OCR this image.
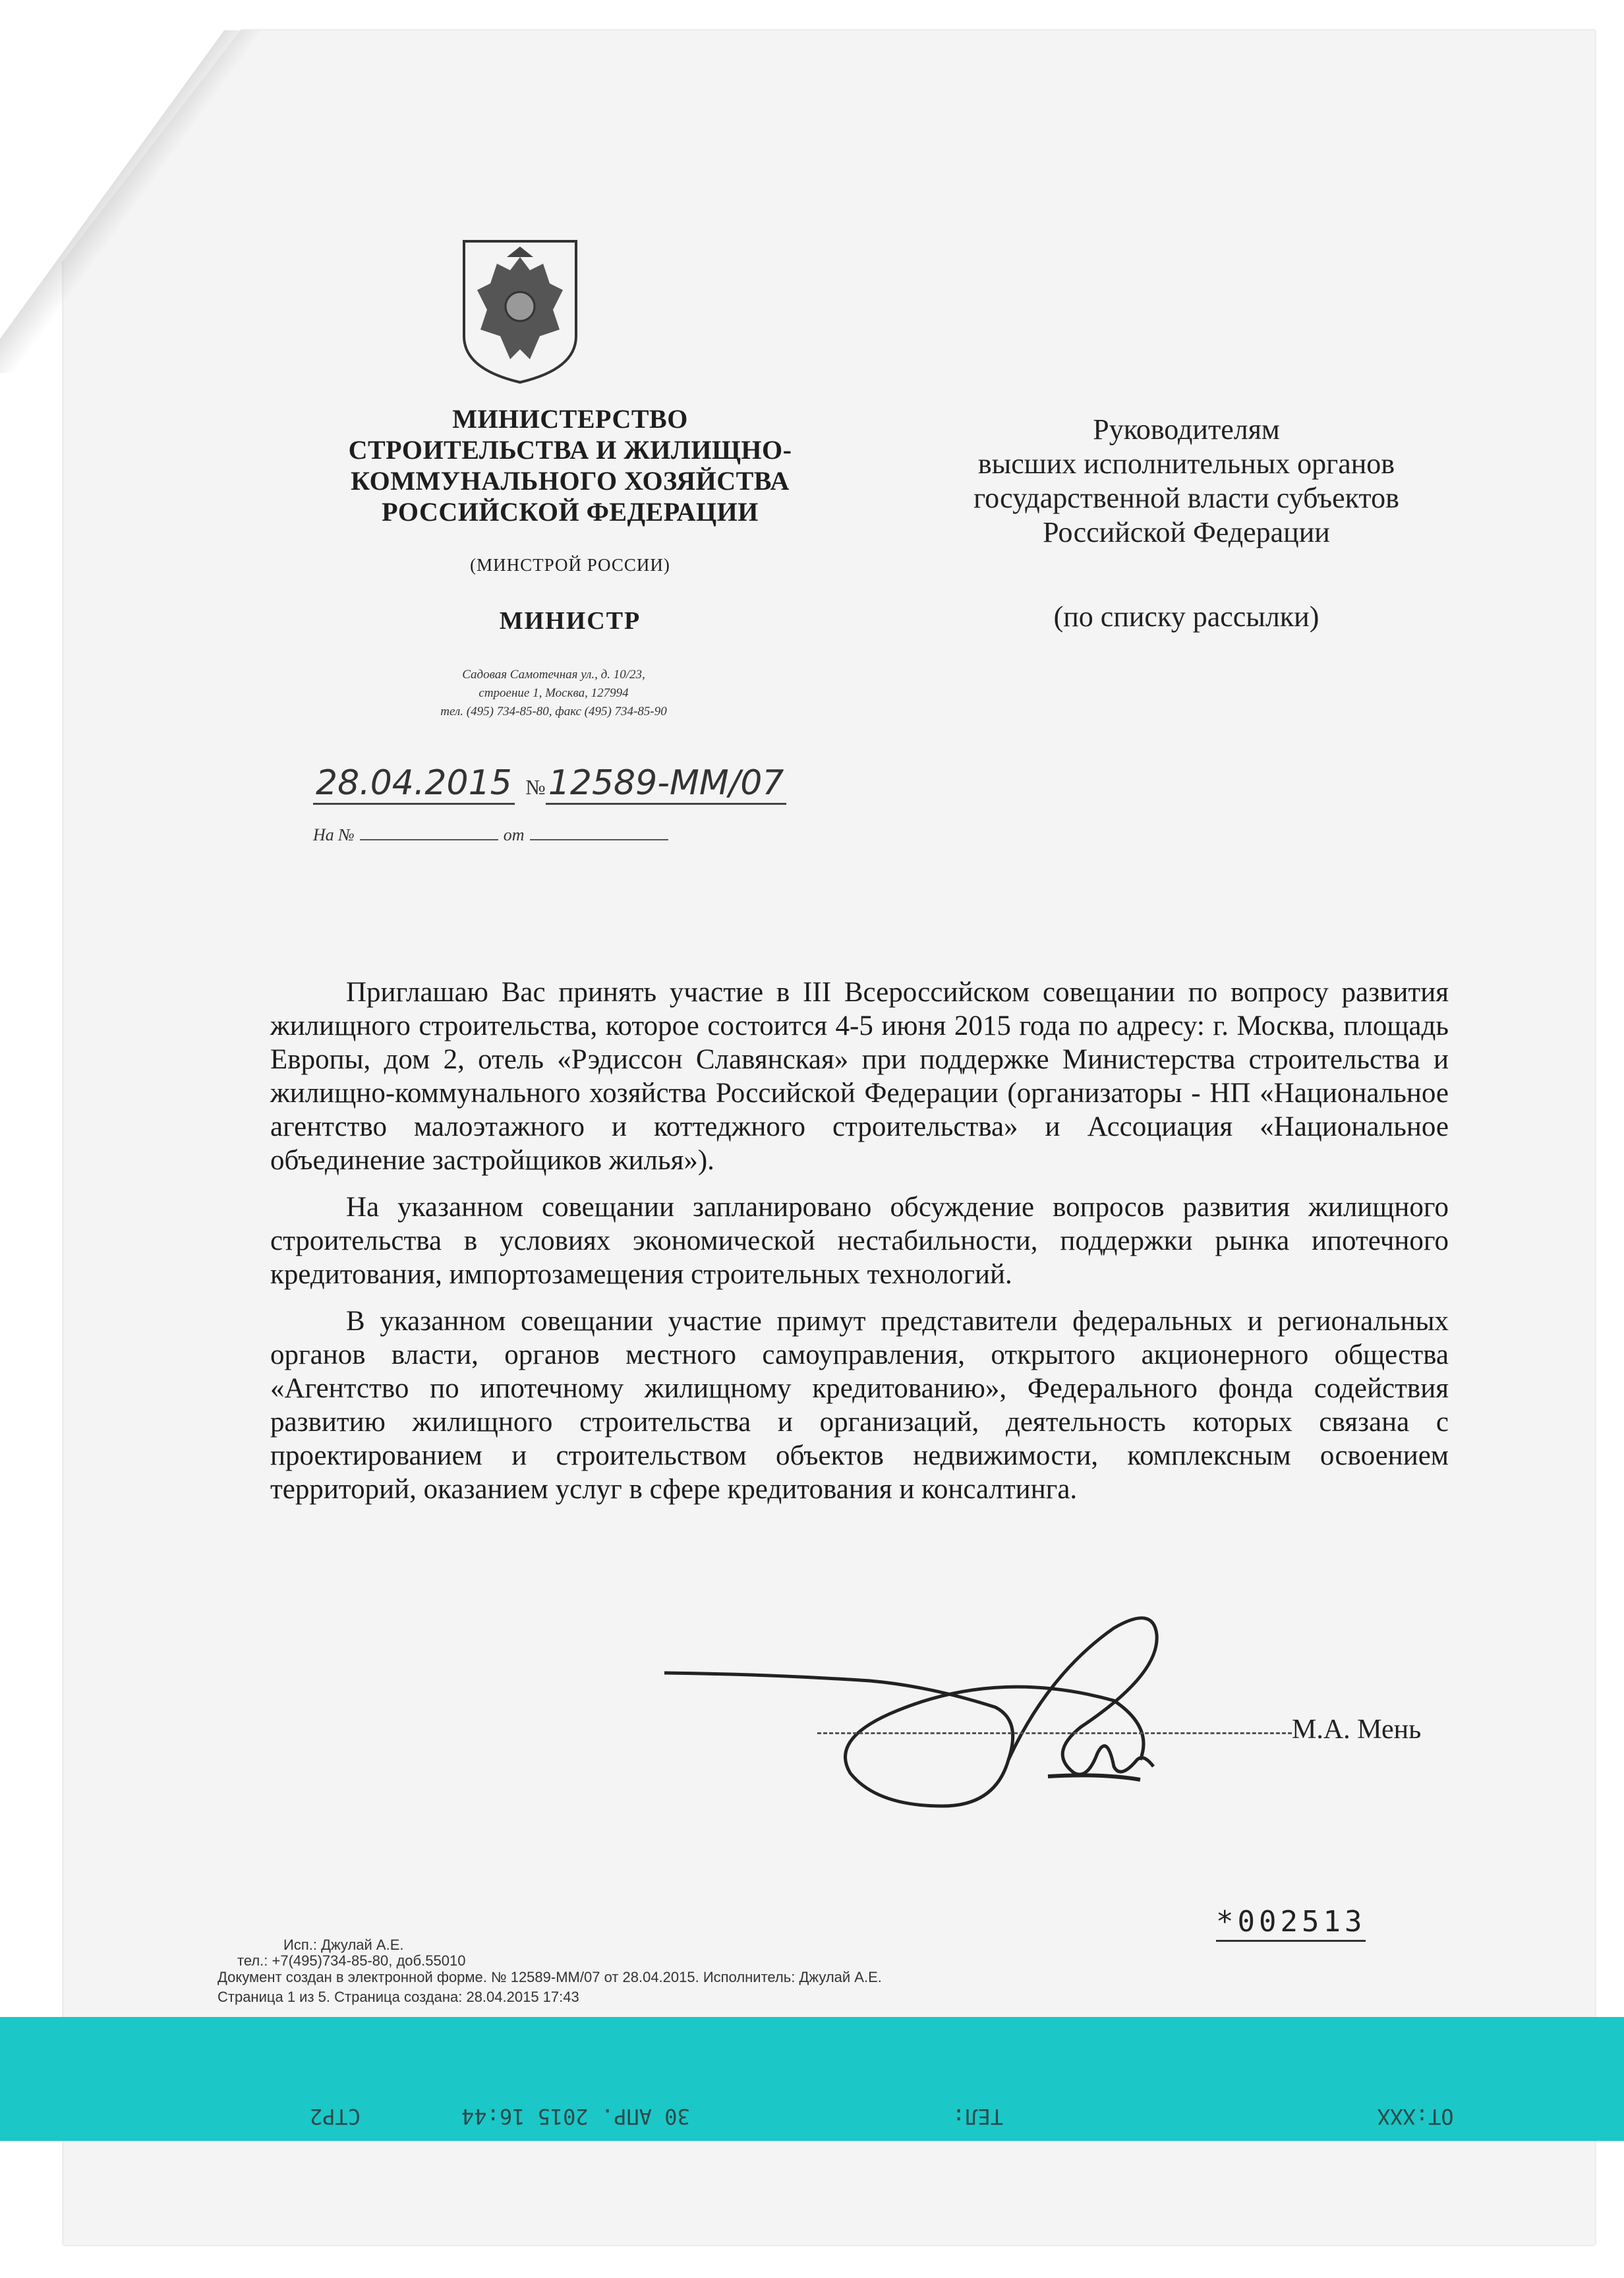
МИНИСТЕРСТВО
СТРОИТЕЛЬСТВА И ЖИЛИЩНО-
КОММУНАЛЬНОГО ХОЗЯЙСТВА
РОССИЙСКОЙ ФЕДЕРАЦИИ
(МИНСТРОЙ РОССИИ)
МИНИСТР
Садовая Самотечная ул., д. 10/23,
строение 1, Москва, 127994
тел. (495) 734-85-80, факс (495) 734-85-90
28.04.2015 №12589-ММ/07
На №	от
Руководителям
высших исполнительных органов
государственной власти субъектов
Российской Федерации
(по списку рассылки)

Приглашаю Вас принять участие в III Всероссийском совещании по вопросу развития жилищного строительства, которое состоится 4-5 июня 2015 года по адресу: г. Москва, площадь Европы, дом 2, отель «Рэдиссон Славянская» при поддержке Министерства строительства и жилищно-коммунального хозяйства Российской Федерации (организаторы - НП «Национальное агентство малоэтажного и коттеджного строительства» и Ассоциация «Национальное объединение застройщиков жилья»).

На указанном совещании запланировано обсуждение вопросов развития жилищного строительства в условиях экономической нестабильности, поддержки рынка ипотечного кредитования, импортозамещения строительных технологий.

В указанном совещании участие примут представители федеральных и региональных органов власти, органов местного самоуправления, открытого акционерного общества «Агентство по ипотечному жилищному кредитованию», Федерального фонда содействия развитию жилищного строительства и организаций, деятельность которых связана с проектированием и строительством объектов недвижимости, комплексным освоением территорий, оказанием услуг в сфере кредитования и консалтинга.

М.А. Мень
*002513
Исп.: Джулай А.Е.
тел.: +7(495)734-85-80, доб.55010
Документ создан в электронной форме. № 12589-ММ/07 от 28.04.2015. Исполнитель: Джулай А.Е.
Страница 1 из 5. Страница создана: 28.04.2015 17:43
ОТ:XXX
ТЕЛ:
30 АПР. 2015 16:44
СТР2
